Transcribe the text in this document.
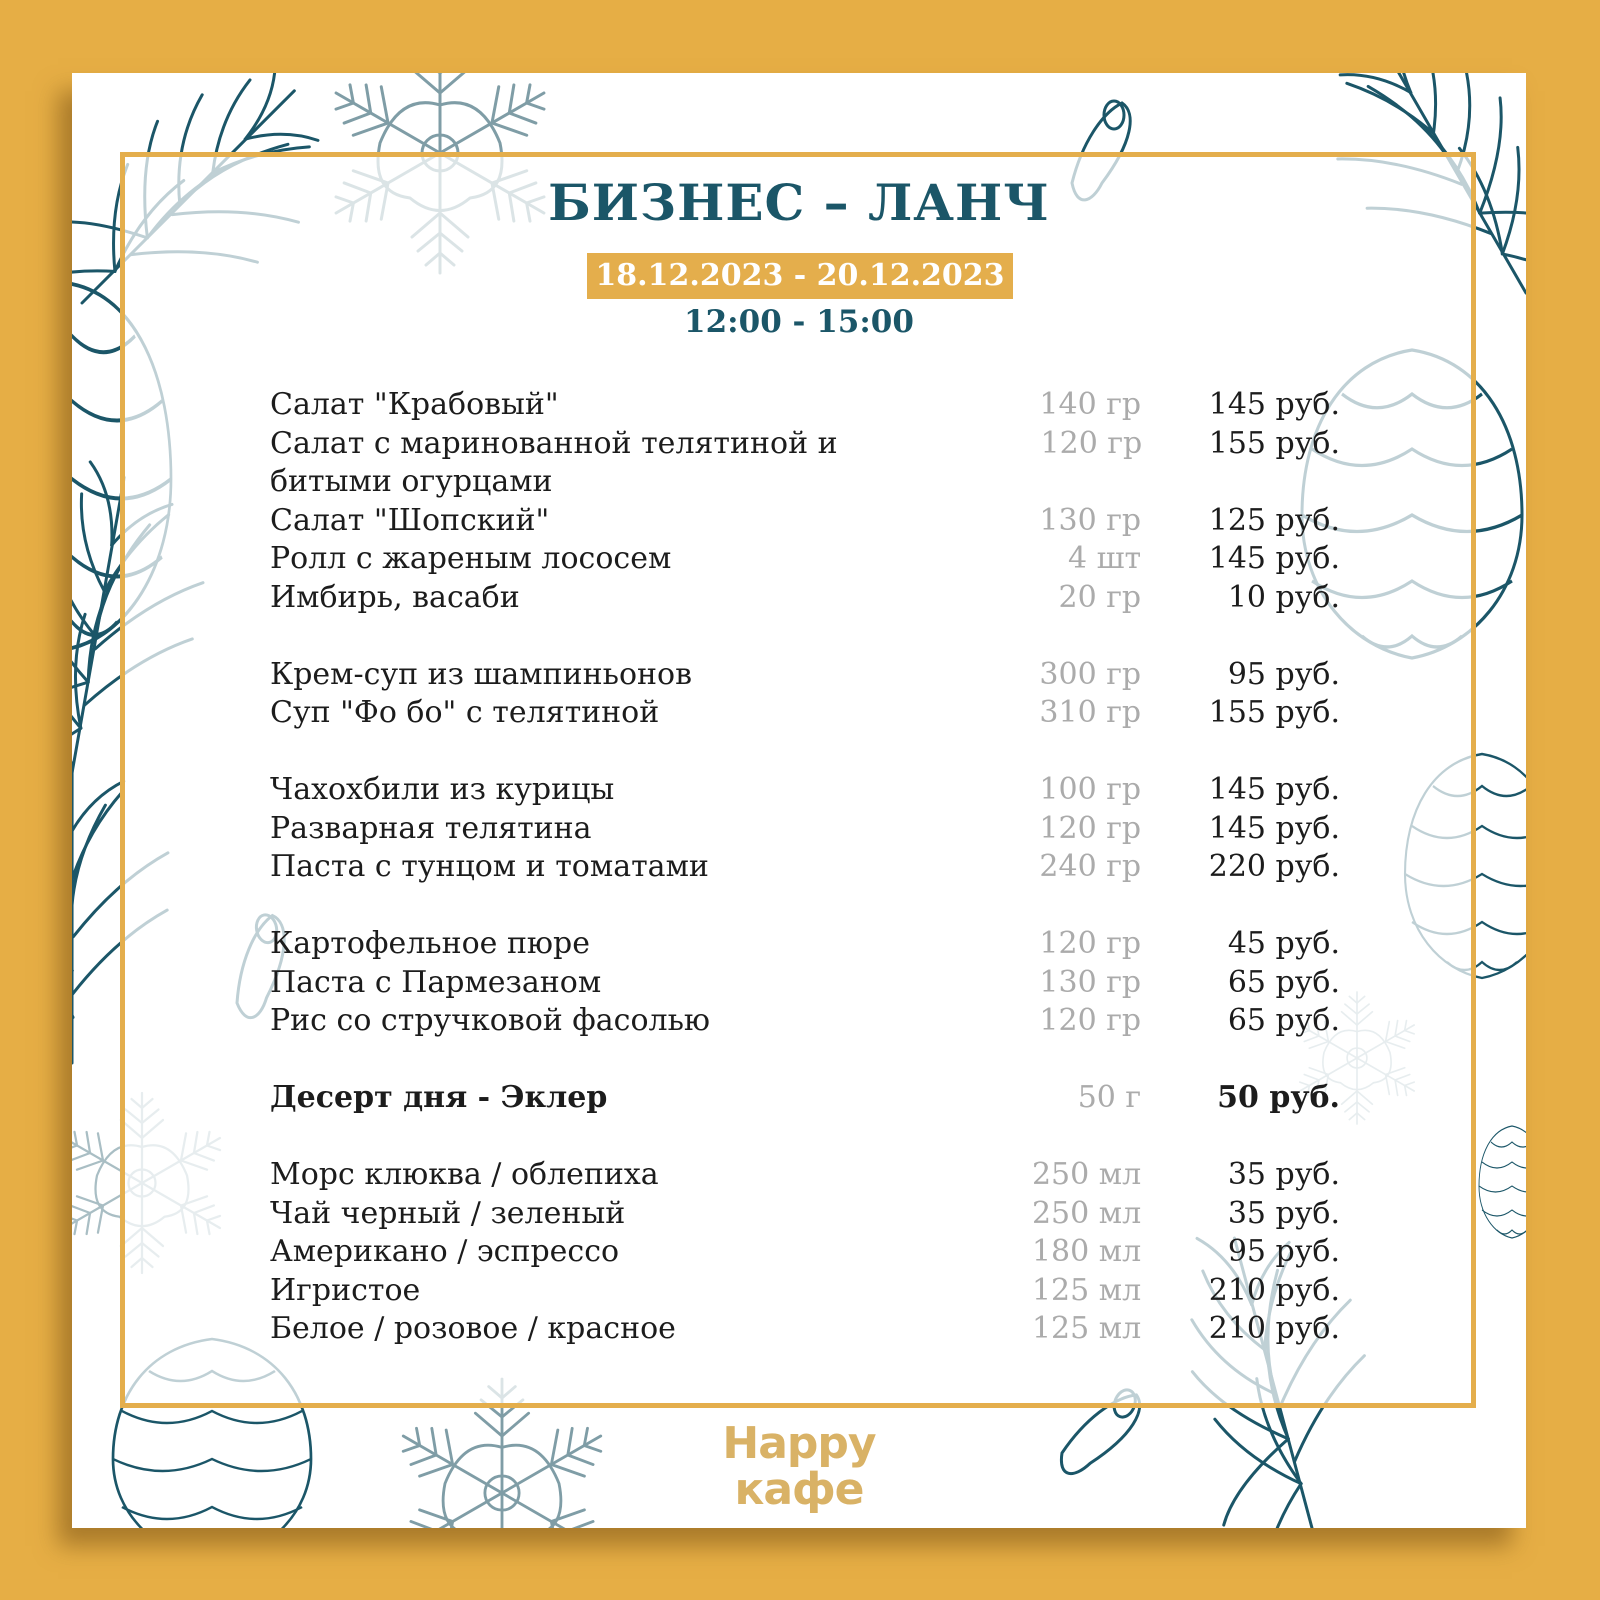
БИЗНЕС – ЛАНЧ
18.12.2023 - 20.12.2023
12:00 - 15:00
Салат "Крабовый"	140 гр	145 руб.
Салат с маринованной телятиной и битыми огурцами
120 гр	155 руб.
Салат "Шопский"	130 гр	125 руб.
Ролл с жареным лососем	4 шт	145 руб.
Имбирь, васаби	20 гр	10 руб.
Крем-суп из шампиньонов	300 гр	95 руб.
Суп "Фо бо" с телятиной	310 гр	155 руб.
Чахохбили из курицы	100 гр	145 руб.
Разварная телятина	120 гр	145 руб.
Паста с тунцом и томатами	240 гр	220 руб.
Картофельное пюре	120 гр	45 руб.
Паста с Пармезаном	130 гр	65 руб.
Рис со стручковой фасолью	120 гр	65 руб.
Десерт дня - Эклер	50 г	50 руб.
Морс клюква / облепиха	250 мл	35 руб.
Чай черный / зеленый	250 мл	35 руб.
Американо / эспрессо	180 мл	95 руб.
Игристое	125 мл	210 руб.
Белое / розовое / красное	125 мл	210 руб.
Happy
кафе
